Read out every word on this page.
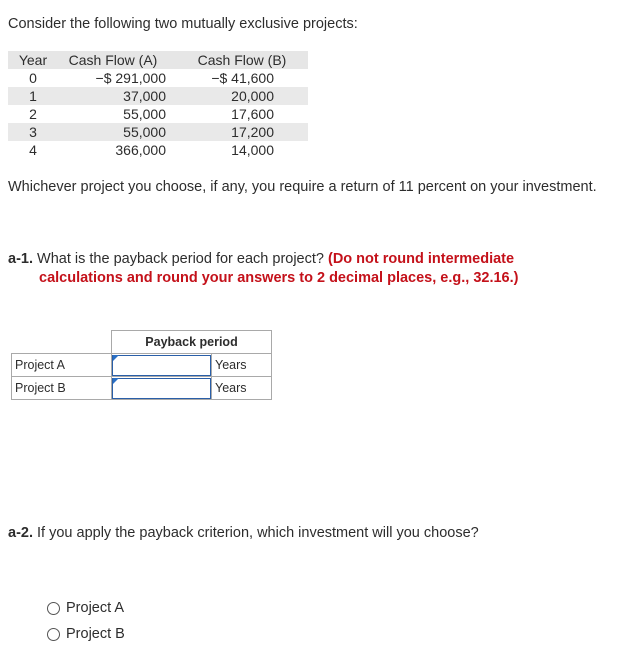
Consider the following two mutually exclusive projects:
Year	Cash Flow (A)		Cash Flow (B)
0	−$ 291,000		−$ 41,600
1	37,000		20,000
2	55,000		17,600
3	55,000		17,200
4	366,000		14,000
Whichever project you choose, if any, you require a return of 11 percent on your investment.
a-1. What is the payback period for each project? (Do not round intermediate
calculations and round your answers to 2 decimal places, e.g., 32.16.)
	Payback period	
Project A		Years
Project B		Years
a-2. If you apply the payback criterion, which investment will you choose?
Project A
Project B
